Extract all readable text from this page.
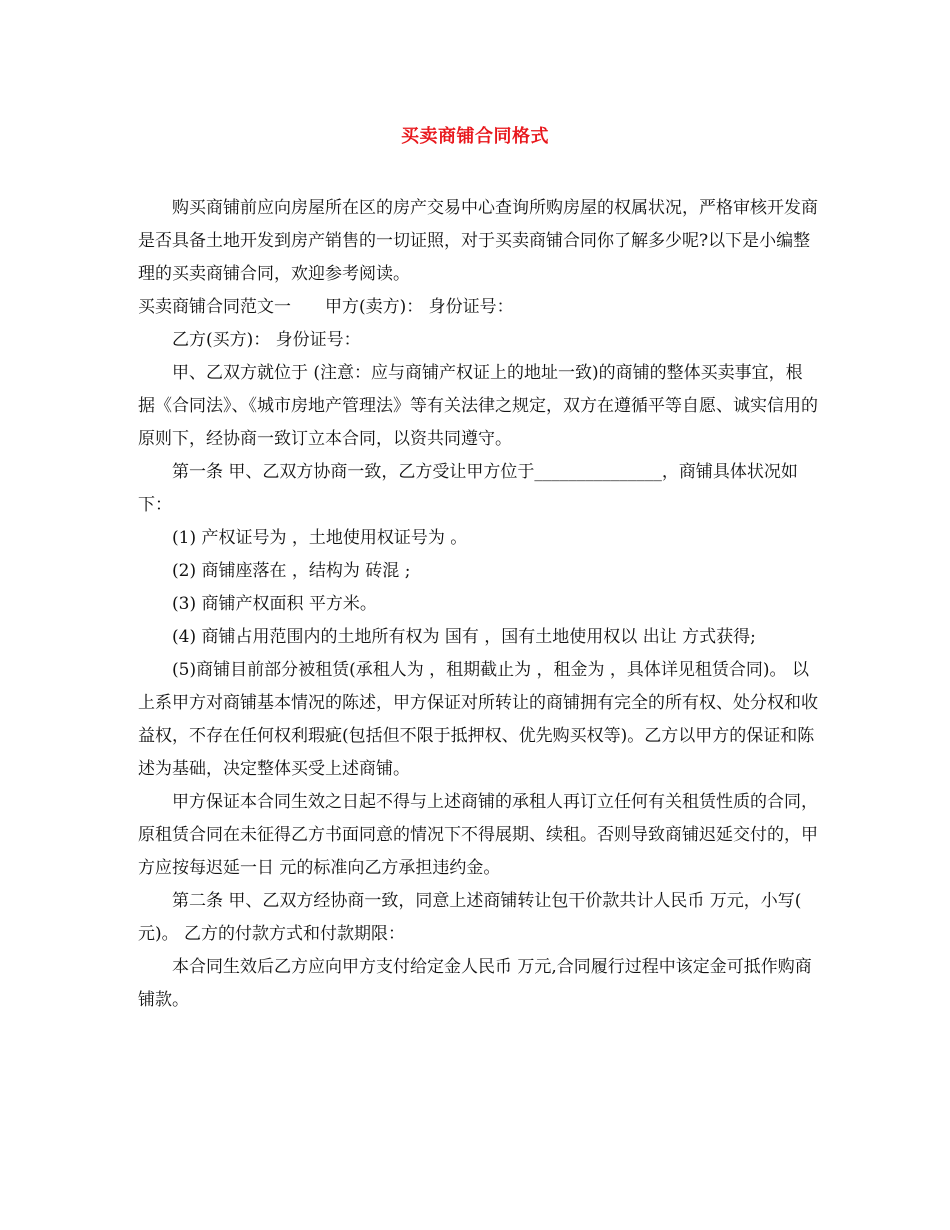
买卖商铺合同格式

购买商铺前应向房屋所在区的房产交易中心查询所购房屋的权属状况，严格审核开发商是否具备土地开发到房产销售的一切证照，对于买卖商铺合同你了解多少呢?以下是小编整理的买卖商铺合同，欢迎参考阅读。

买卖商铺合同范文一 甲方(卖方)： 身份证号：

乙方(买方)： 身份证号：

甲、乙双方就位于 (注意：应与商铺产权证上的地址一致)的商铺的整体买卖事宜，根据《合同法》、《城市房地产管理法》等有关法律之规定，双方在遵循平等自愿、诚实信用的原则下，经协商一致订立本合同，以资共同遵守。

第一条 甲、乙双方协商一致，乙方受让甲方位于_______________，商铺具体状况如下：

(1) 产权证号为 ，土地使用权证号为 。

(2) 商铺座落在 ，结构为 砖混 ;

(3) 商铺产权面积 平方米。

(4) 商铺占用范围内的土地所有权为 国有 ，国有土地使用权以 出让 方式获得;

(5)商铺目前部分被租赁(承租人为 ，租期截止为 ，租金为 ，具体详见租赁合同)。 以上系甲方对商铺基本情况的陈述，甲方保证对所转让的商铺拥有完全的所有权、处分权和收益权，不存在任何权利瑕疵(包括但不限于抵押权、优先购买权等)。乙方以甲方的保证和陈述为基础，决定整体买受上述商铺。

甲方保证本合同生效之日起不得与上述商铺的承租人再订立任何有关租赁性质的合同，原租赁合同在未征得乙方书面同意的情况下不得展期、续租。否则导致商铺迟延交付的，甲方应按每迟延一日 元的标准向乙方承担违约金。

第二条 甲、乙双方经协商一致，同意上述商铺转让包干价款共计人民币 万元，小写( 元)。 乙方的付款方式和付款期限：

本合同生效后乙方应向甲方支付给定金人民币 万元,合同履行过程中该定金可抵作购商铺款。
